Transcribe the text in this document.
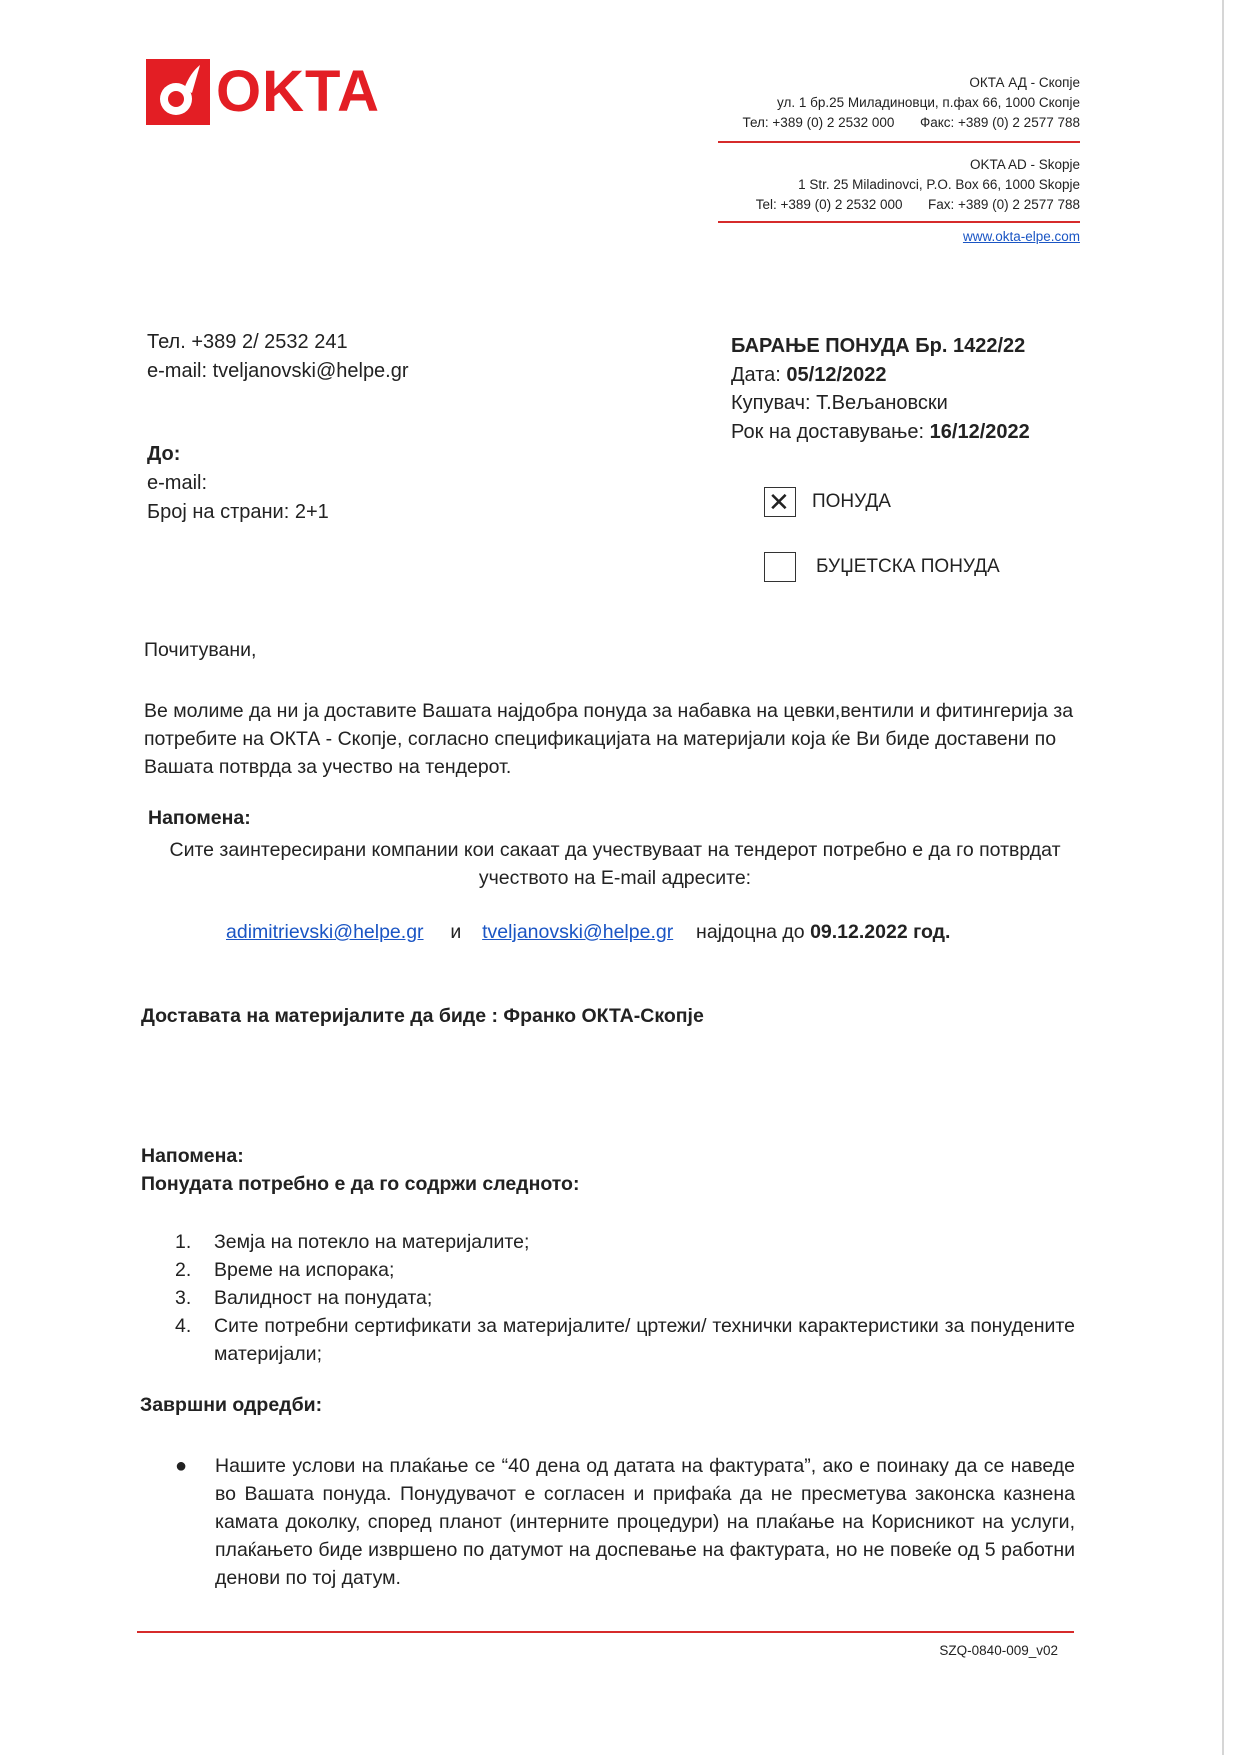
OKTA	ОКТА АД - Скопје
ул. 1 бр.25 Миладиновци, п.фах 66, 1000 Скопје
Тел: +389 (0) 2 2532 000 Факс: +389 (0) 2 2577 788
OKTA AD - Skopje
1 Str. 25 Miladinovci, P.O. Box 66, 1000 Skopje
Tel: +389 (0) 2 2532 000 Fax: +389 (0) 2 2577 788
www.okta-elpe.com
Тел. +389 2/ 2532 241
e-mail: tveljanovski@helpe.gr
До:
e-mail:
Број на страни: 2+1
БАРАЊЕ ПОНУДА Бр. 1422/22
Дата: 05/12/2022
Купувач: Т.Вељановски
Рок на доставување: 16/12/2022
✕ ПОНУДА
БУЏЕТСКА ПОНУДА
Почитувани,
Ве молиме да ни ја доставите Вашата најдобра понуда за набавка на цевки,вентили и фитингерија за потребите на ОКТА - Скопје, согласно спецификацијата на материјали која ќе Ви биде доставени по Вашата потврда за учество на тендерот.
Напомена:
Сите заинтересирани компании кои сакаат да учествуваат на тендерот потребно е да го потврдат учеството на E-mail адресите:
adimitrievski@helpe.gr и tveljanovski@helpe.gr најдоцна до 09.12.2022 год.
Доставата на материјалите да биде : Франко ОКТА-Скопје
Напомена:
Понудата потребно е да го содржи следното:
1.	Земја на потекло на материјалите;
2.	Време на испорака;
3.	Валидност на понудата;
4.	Сите потребни сертификати за материјалите/ цртежи/ технички карактеристики за понудените материјали;
Завршни одредби:
●	Нашите услови на плаќање се “40 дена од датата на фактурата”, ако е поинаку да се наведе во Вашата понуда. Понудувачот е согласен и прифаќа да не пресметува законска казнена камата доколку, според планот (интерните процедури) на плаќање на Корисникот на услуги, плаќањето биде извршено по датумот на доспевање на фактурата, но не повеќе од 5 работни денови по тој датум.
SZQ-0840-009_v02
